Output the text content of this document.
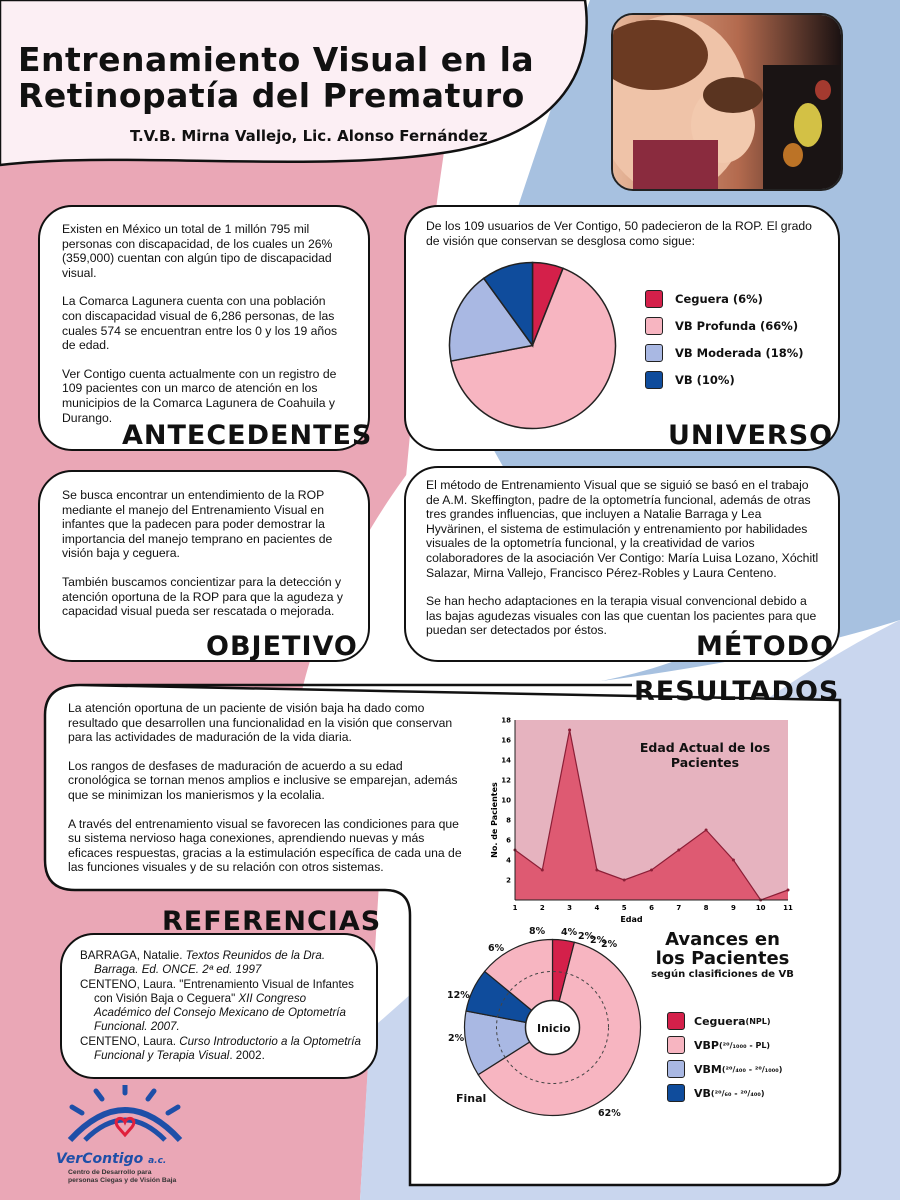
Entrenamiento Visual en la
Retinopatía del Prematuro
T.V.B. Mirna Vallejo, Lic. Alonso Fernández

Existen en México un total de 1 millón 795 mil personas con discapacidad, de los cuales un 26% (359,000) cuentan con algún tipo de discapacidad visual.

La Comarca Lagunera cuenta con una población con discapacidad visual de 6,286 personas, de las cuales 574 se encuentran entre los 0 y los 19 años de edad.

Ver Contigo cuenta actualmente con un registro de 109 pacientes con un marco de atención en los municipios de la Comarca Lagunera de Coahuila y Durango.

ANTECEDENTES

De los 109 usuarios de Ver Contigo, 50 padecieron de la ROP. El grado de visión que conservan se desglosa como sigue:

Ceguera (6%)
VB Profunda (66%)
VB Moderada (18%)
VB (10%)
UNIVERSO

Se busca encontrar un entendimiento de la ROP mediante el manejo del Entrenamiento Visual en infantes que la padecen para poder demostrar la importancia del manejo temprano en pacientes de visión baja y ceguera.

También buscamos concientizar para la detección y atención oportuna de la ROP para que la agudeza y capacidad visual pueda ser rescatada o mejorada.

OBJETIVO

El método de Entrenamiento Visual que se siguió se basó en el trabajo de A.M. Skeffington, padre de la optometría funcional, además de otras tres grandes influencias, que incluyen a Natalie Barraga y Lea Hyvärinen, el sistema de estimulación y entrenamiento por habilidades visuales de la optometría funcional, y la creatividad de varios colaboradores de la asociación Ver Contigo: María Luisa Lozano, Xóchitl Salazar, Mirna Vallejo, Francisco Pérez-Robles y Laura Centeno.

Se han hecho adaptaciones en la terapia visual convencional debido a las bajas agudezas visuales con las que cuentan los pacientes para que puedan ser detectados por éstos.

MÉTODO

La atención oportuna de un paciente de visión baja ha dado como resultado que desarrollen una funcionalidad en la visión que conservan para las actividades de maduración de la vida diaria.

Los rangos de desfases de maduración de acuerdo a su edad cronológica se tornan menos amplios e inclusive se emparejan, además que se minimizan los manierismos y la ecolalia.

A través del entrenamiento visual se favorecen las condiciones para que su sistema nervioso haga conexiones, aprendiendo nuevas y más eficaces respuestas, gracias a la estimulación específica de cada una de las funciones visuales y de su relación con otros sistemas.

RESULTADOS
1	2	3	4	5	6	7	8	9	10	11
2
4
6
8
10
12
14
16
18
Edad
No. de Pacientes
Edad Actual de los Pacientes

BARRAGA, Natalie. Textos Reunidos de la Dra. Barraga. Ed. ONCE. 2ª ed. 1997

CENTENO, Laura. "Entrenamiento Visual de Infantes con Visión Baja o Ceguera" XII Congreso Académico del Consejo Mexicano de Optometría Funcional. 2007.

CENTENO, Laura. Curso Introductorio a la Optometría Funcional y Terapia Visual. 2002.

REFERENCIAS
Avances en
los Pacientes
según clasificiones de VB
4% 2%
2%
2%
62%
2%
12%
6%
8%
Inicio
Final
Ceguera (NPL)
VBP (²⁰/₁₀₀₀ - PL)
VBM (²⁰/₄₀₀ - ²⁰/₁₀₀₀)
VB (²⁰/₆₀ - ²⁰/₄₀₀)
VerContigo a.c.
Centro de Desarrollo para
personas Ciegas y de Visión Baja
